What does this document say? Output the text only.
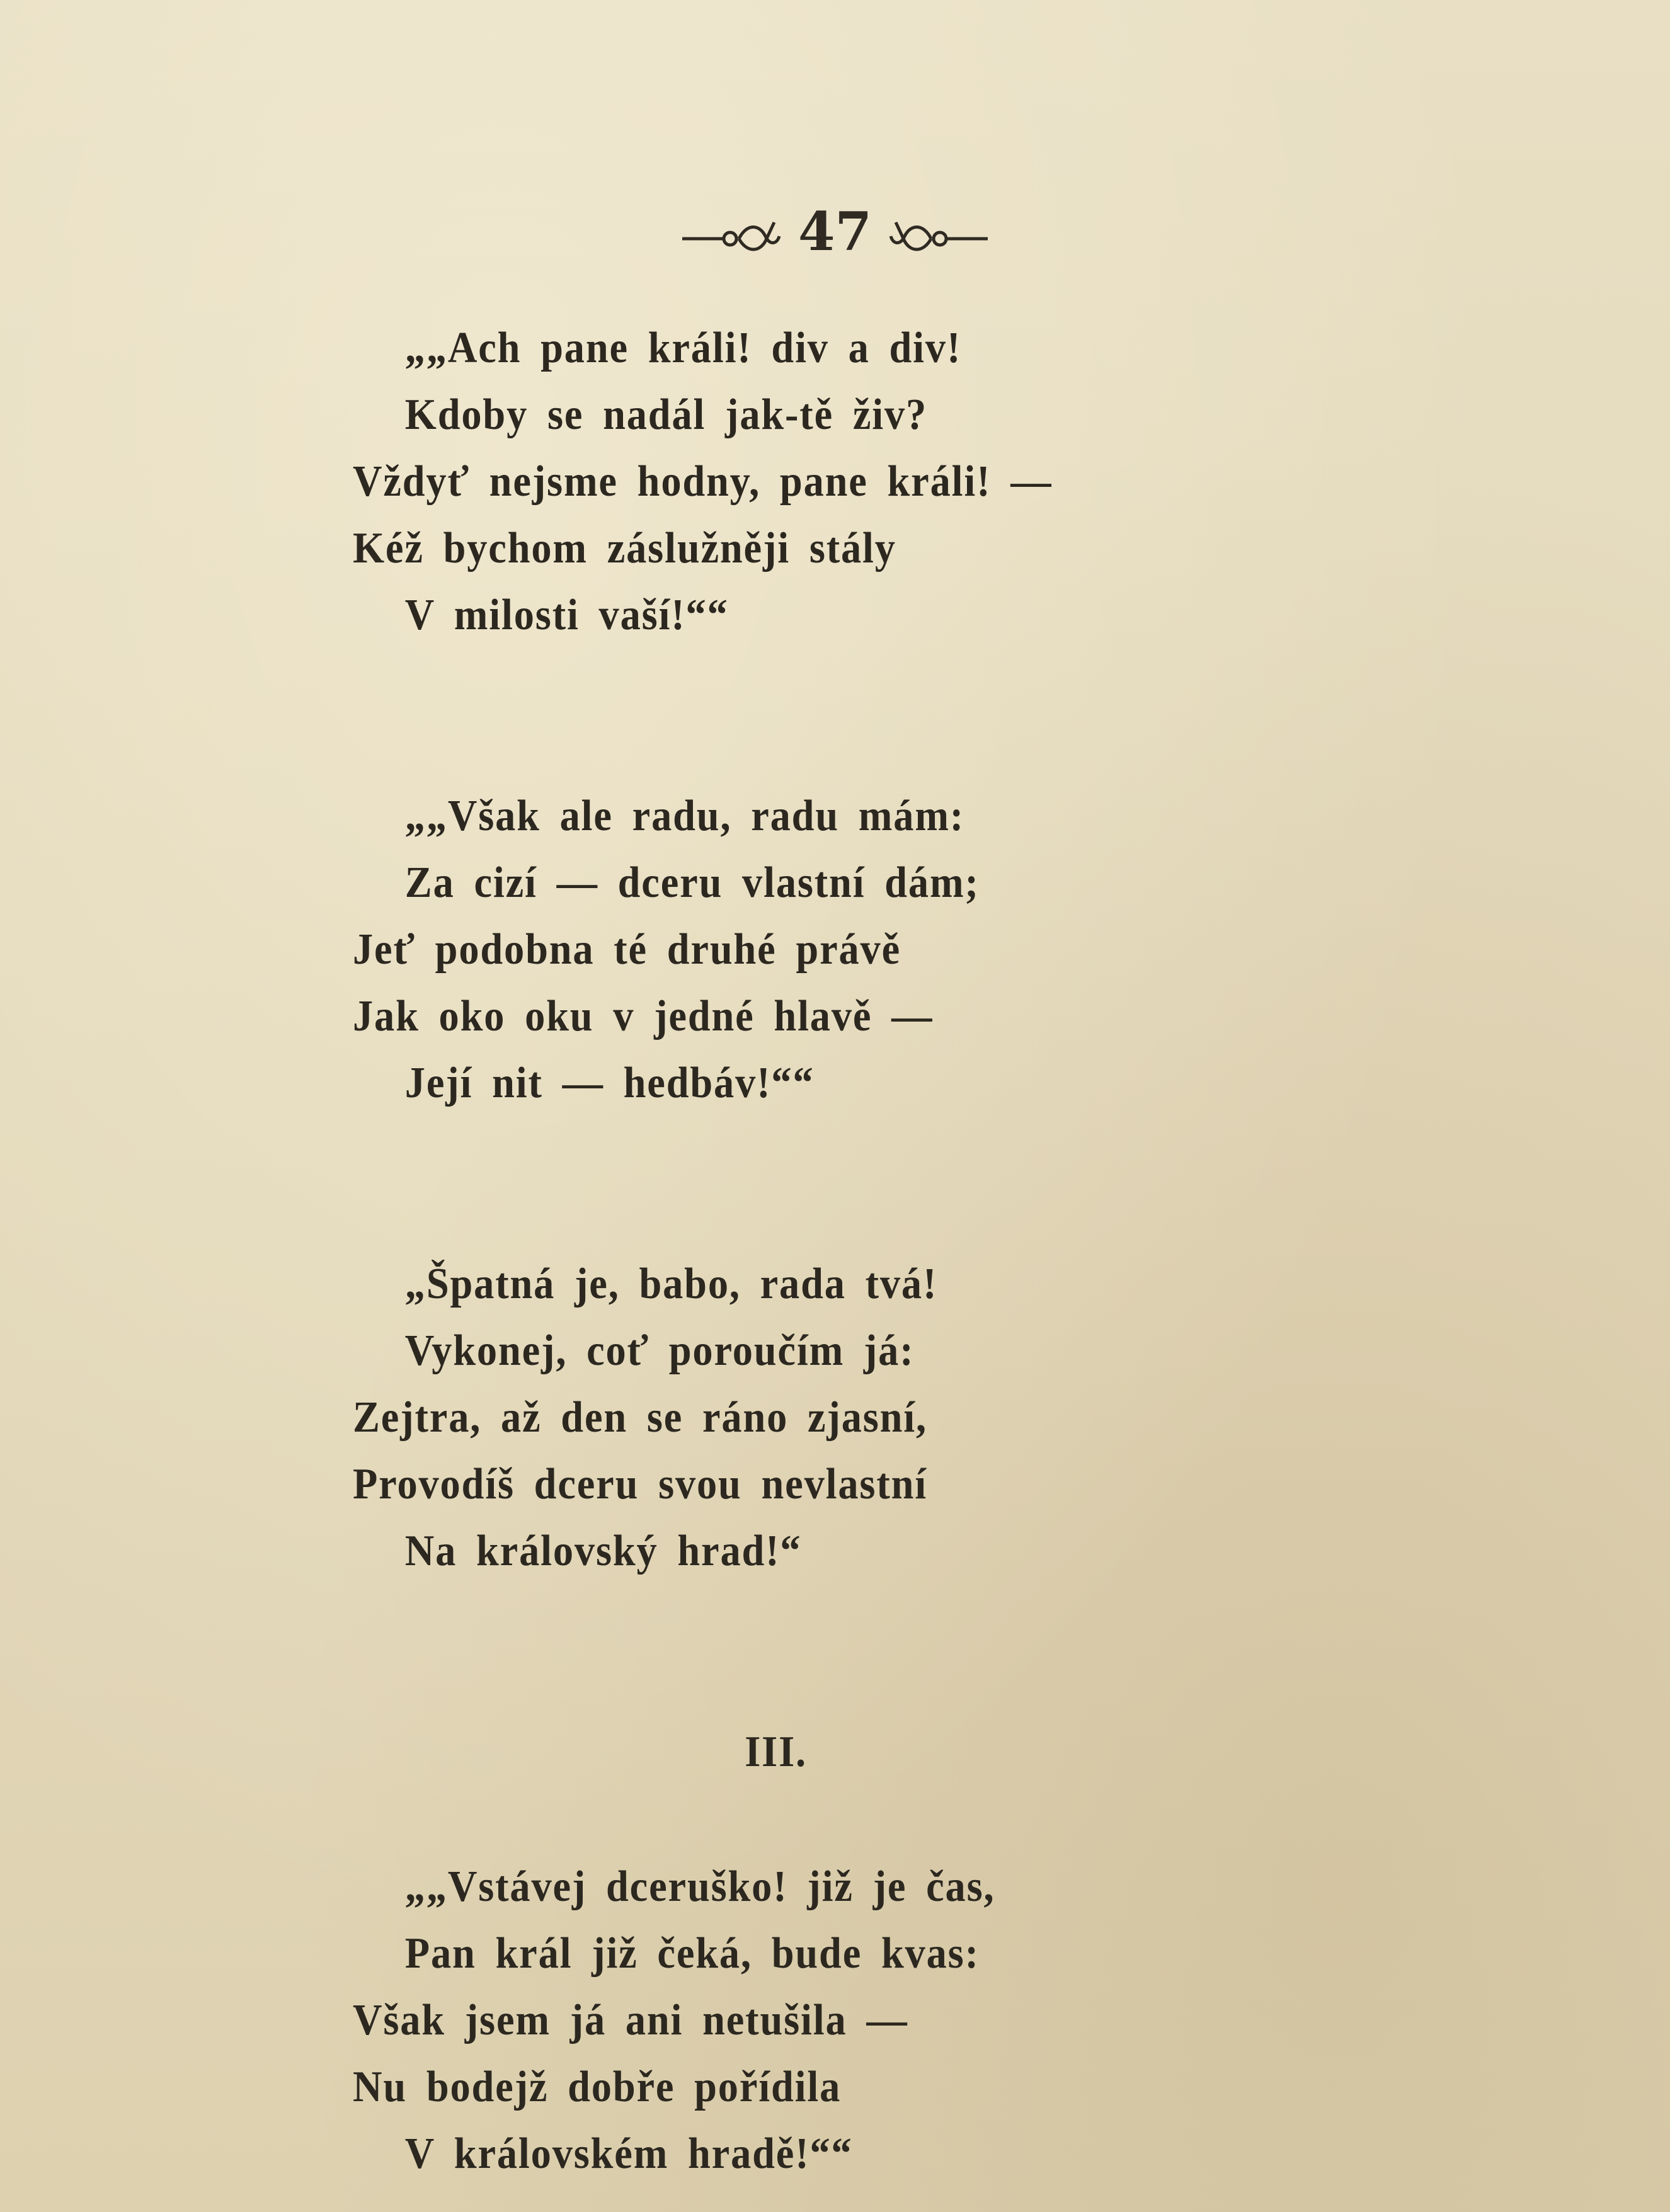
47
„„Ach pane králi! div a div!
Kdoby se nadál jak-tě živ?
Vždyť nejsme hodny, pane králi! —
Kéž bychom záslužněji stály
V milosti vaší!““
„„Však ale radu, radu mám:
Za cizí — dceru vlastní dám;
Jeť podobna té druhé právě
Jak oko oku v jedné hlavě —
Její nit — hedbáv!““
„Špatná je, babo, rada tvá!
Vykonej, coť poroučím já:
Zejtra, až den se ráno zjasní,
Provodíš dceru svou nevlastní
Na královský hrad!“
III.
„„Vstávej dceruško! již je čas,
Pan král již čeká, bude kvas:
Však jsem já ani netušila —
Nu bodejž dobře pořídila
V královském hradě!““
